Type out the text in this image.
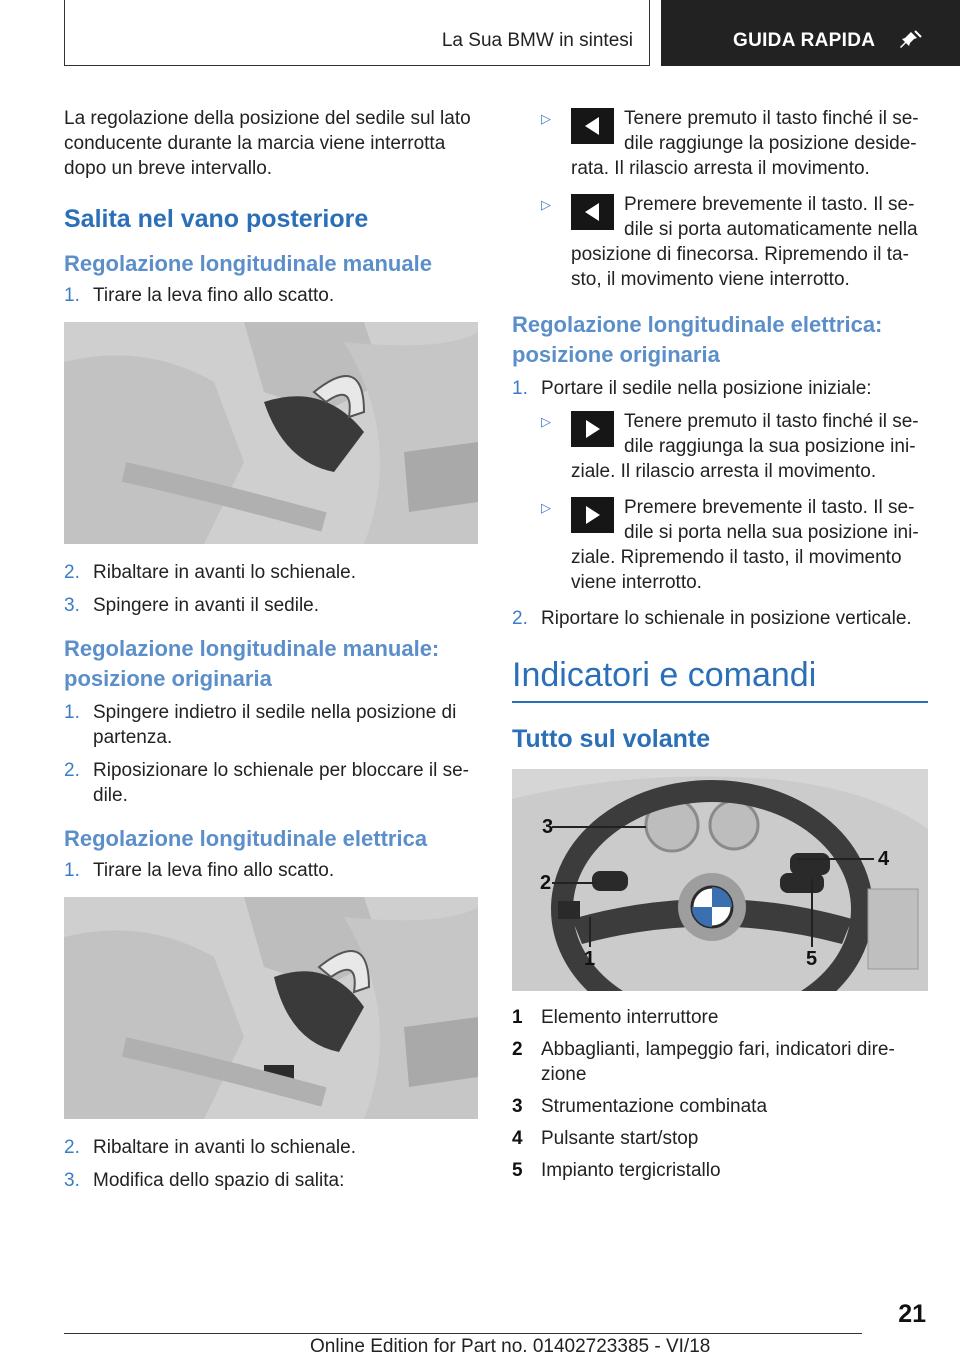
La Sua BMW in sintesi	GUIDA RAPIDA

La regolazione della posizione del sedile sul lato conducente durante la marcia viene interrotta dopo un breve intervallo.

Salita nel vano posteriore
Regolazione longitudinale manuale
1. Tirare la leva fino allo scatto.
2. Ribaltare in avanti lo schienale.
3. Spingere in avanti il sedile.
Regolazione longitudinale manuale: posizione originaria
1. Spingere indietro il sedile nella posizione di partenza.
2. Riposizionare lo schienale per bloccare il se‐dile.
Regolazione longitudinale elettrica
1. Tirare la leva fino allo scatto.
2. Ribaltare in avanti lo schienale.
3. Modifica dello spazio di salita:
▷	Tenere premuto il tasto finché il se‐dile raggiunge la posizione deside‐rata. Il rilascio arresta il movimento.
▷	Premere brevemente il tasto. Il se‐dile si porta automaticamente nella posizione di finecorsa. Ripremendo il ta‐sto, il movimento viene interrotto.
Regolazione longitudinale elettrica: posizione originaria
1. Portare il sedile nella posizione iniziale:
▷	Tenere premuto il tasto finché il se‐dile raggiunga la sua posizione ini‐ziale. Il rilascio arresta il movimento.
▷	Premere brevemente il tasto. Il se‐dile si porta nella sua posizione ini‐ziale. Ripremendo il tasto, il movimento viene interrotto.
2. Riportare lo schienale in posizione verticale.
Indicatori e comandi
Tutto sul volante
3
2
1
4
5
1 Elemento interruttore
2 Abbaglianti, lampeggio fari, indicatori dire‐zione
3 Strumentazione combinata
4 Pulsante start/stop
5 Impianto tergicristallo
21
Online Edition for Part no. 01402723385 - VI/18
